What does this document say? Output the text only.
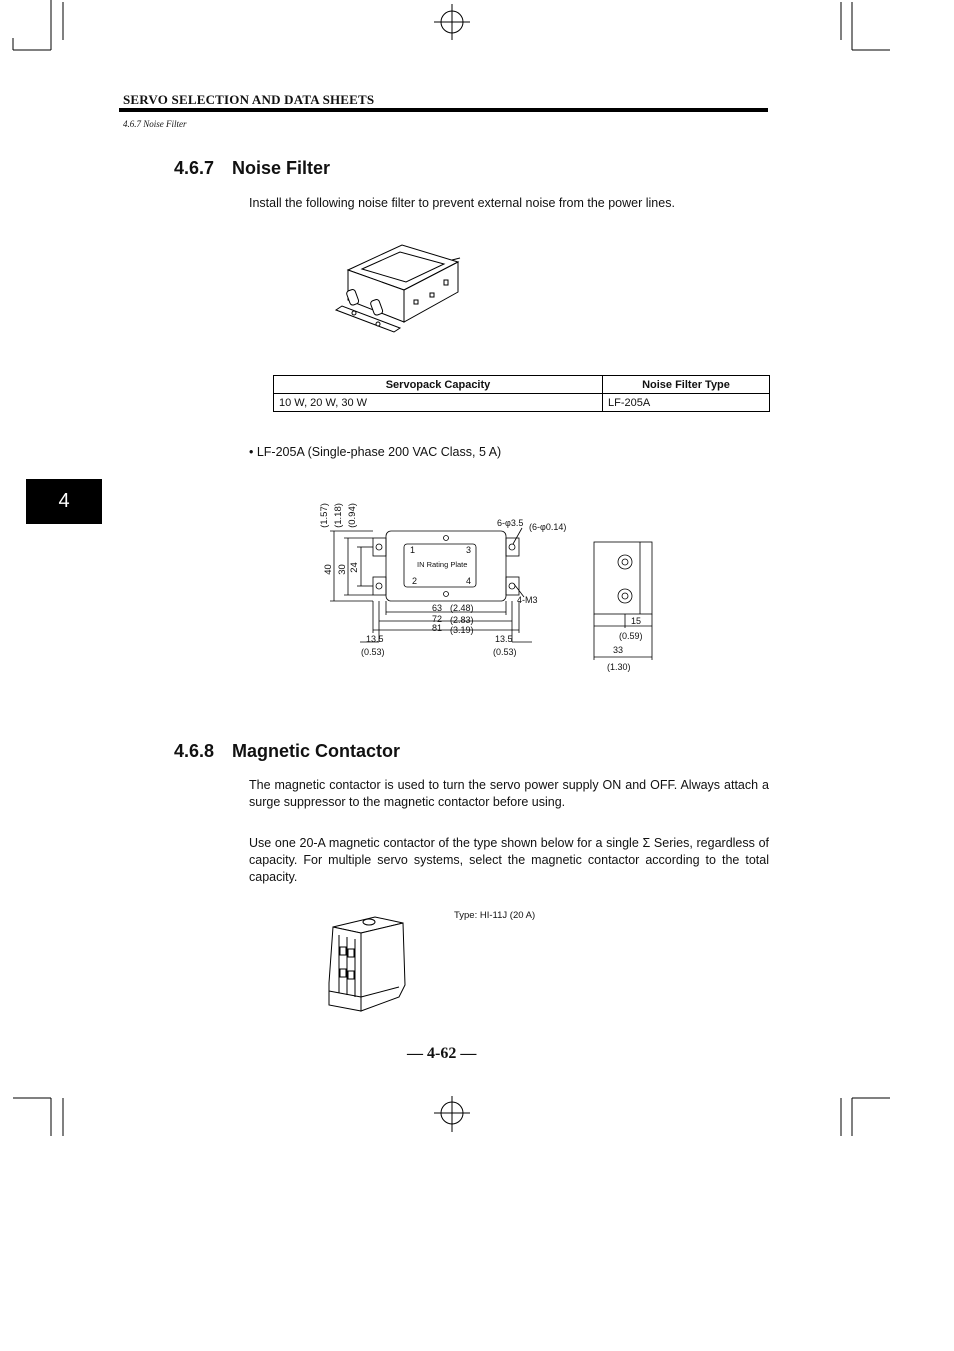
SERVO SELECTION AND DATA SHEETS
4.6.7 Noise Filter
4
4.6.7 Noise Filter
Install the following noise filter to prevent external noise from the power lines.
Servopack Capacity	Noise Filter Type
10 W, 20 W, 30 W	LF-205A
• LF-205A (Single-phase 200 VAC Class, 5 A)
(1.57) (1.18) (0.94)
40 30 24
6-φ3.5 (6-φ0.14)
1	3
2	4
IN Rating Plate
4-M3
63 (2.48)
72 (2.83)
81 (3.19)
13.5
(0.53)
13.5
(0.53)
15
(0.59)
33
(1.30)
4.6.8 Magnetic Contactor
The magnetic contactor is used to turn the servo power supply ON and OFF. Always attach a surge suppressor to the magnetic contactor before using.
Use one 20-A magnetic contactor of the type shown below for a single Σ Series, regardless of capacity. For multiple servo systems, select the magnetic contactor according to the total capacity.
Type: HI-11J (20 A)
— 4-62 —
